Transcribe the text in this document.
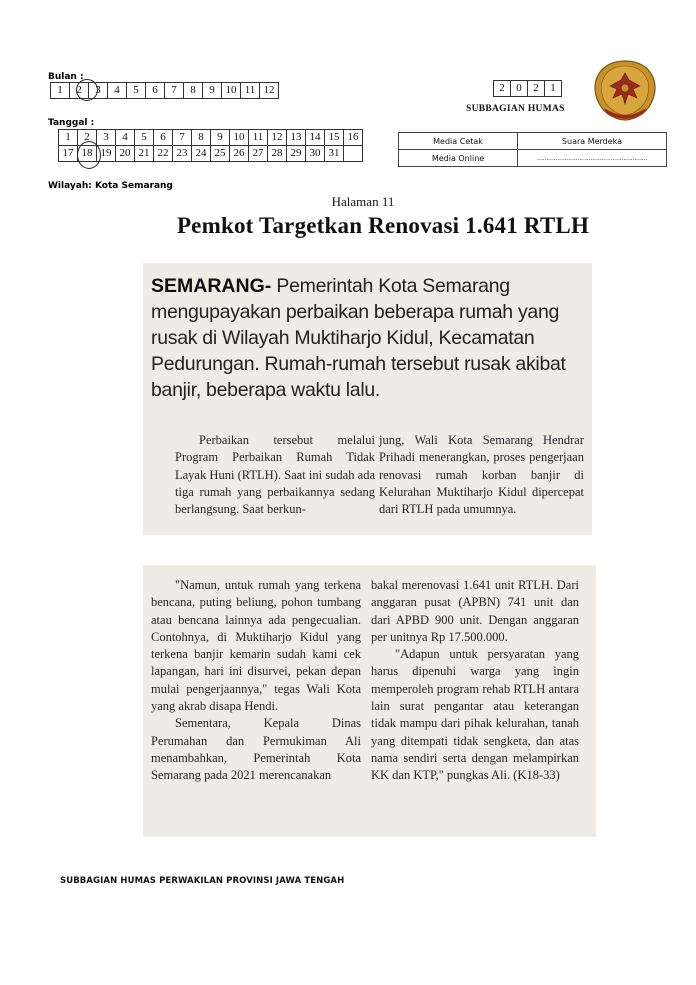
Bulan :
1	2	3	4	5	6	7	8	9	10	11	12
Tanggal :
1	2	3	4	5	6	7	8	9	10	11	12	13	14	15	16
17	18	19	20	21	22	23	24	25	26	27	28	29	30	31	
2	0	2	1
SUBBAGIAN HUMAS
Media Cetak	Suara Merdeka
Media Online	……………………………………………………
Wilayah: Kota Semarang
Halaman 11
Pemkot Targetkan Renovasi 1.641 RTLH
SEMARANG- Pemerintah Kota Semarang mengupayakan perbaikan beberapa rumah yang rusak di Wilayah Muktiharjo Kidul, Kecamatan Pedurungan. Rumah-rumah tersebut rusak akibat banjir, beberapa waktu lalu.

Perbaikan tersebut melalui Program Perbaikan Rumah Tidak Layak Huni (RTLH). Saat ini sudah ada tiga rumah yang perbaikannya sedang berlangsung. Saat berkun-

jung, Wali Kota Semarang Hendrar Prihadi menerangkan, proses pengerjaan renovasi rumah korban banjir di Kelurahan Muktiharjo Kidul dipercepat dari RTLH pada umumnya.

"Namun, untuk rumah yang terkena bencana, puting beliung, pohon tumbang atau bencana lainnya ada pengecualian. Contohnya, di Muktiharjo Kidul yang terkena banjir kemarin sudah kami cek lapangan, hari ini disurvei, pekan depan mulai pengerjaannya," tegas Wali Kota yang akrab disapa Hendi.

Sementara, Kepala Dinas Perumahan dan Permukiman Ali menambahkan, Pemerintah Kota Semarang pada 2021 merencanakan

bakal merenovasi 1.641 unit RTLH. Dari anggaran pusat (APBN) 741 unit dan dari APBD 900 unit. Dengan anggaran per unitnya Rp 17.500.000.

"Adapun untuk persyaratan yang harus dipenuhi warga yang ingin memperoleh program rehab RTLH antara lain surat pengantar atau keterangan tidak mampu dari pihak kelurahan, tanah yang ditempati tidak sengketa, dan atas nama sendiri serta dengan melampirkan KK dan KTP," pungkas Ali. (K18-33)

SUBBAGIAN HUMAS PERWAKILAN PROVINSI JAWA TENGAH
